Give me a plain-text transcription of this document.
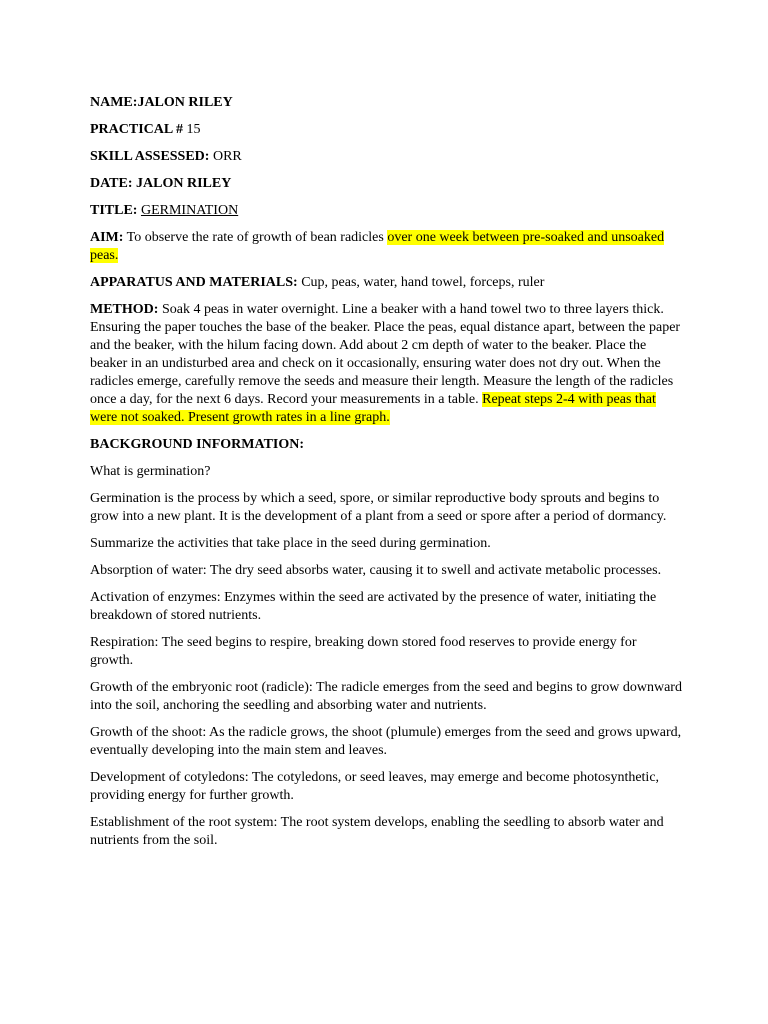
NAME:JALON RILEY

PRACTICAL # 15

SKILL ASSESSED: ORR

DATE: JALON RILEY

TITLE: GERMINATION

AIM: To observe the rate of growth of bean radicles over one week between pre-soaked and unsoaked peas.

APPARATUS AND MATERIALS: Cup, peas, water, hand towel, forceps, ruler

METHOD: Soak 4 peas in water overnight. Line a beaker with a hand towel two to three layers thick. Ensuring the paper touches the base of the beaker. Place the peas, equal distance apart, between the paper and the beaker, with the hilum facing down. Add about 2 cm depth of water to the beaker. Place the beaker in an undisturbed area and check on it occasionally, ensuring water does not dry out. When the radicles emerge, carefully remove the seeds and measure their length. Measure the length of the radicles once a day, for the next 6 days. Record your measurements in a table. Repeat steps 2-4 with peas that were not soaked. Present growth rates in a line graph.

BACKGROUND INFORMATION:

What is germination?

Germination is the process by which a seed, spore, or similar reproductive body sprouts and begins to grow into a new plant. It is the development of a plant from a seed or spore after a period of dormancy.

Summarize the activities that take place in the seed during germination.

Absorption of water: The dry seed absorbs water, causing it to swell and activate metabolic processes.

Activation of enzymes: Enzymes within the seed are activated by the presence of water, initiating the breakdown of stored nutrients.

Respiration: The seed begins to respire, breaking down stored food reserves to provide energy for growth.

Growth of the embryonic root (radicle): The radicle emerges from the seed and begins to grow downward into the soil, anchoring the seedling and absorbing water and nutrients.

Growth of the shoot: As the radicle grows, the shoot (plumule) emerges from the seed and grows upward, eventually developing into the main stem and leaves.

Development of cotyledons: The cotyledons, or seed leaves, may emerge and become photosynthetic, providing energy for further growth.

Establishment of the root system: The root system develops, enabling the seedling to absorb water and nutrients from the soil.
